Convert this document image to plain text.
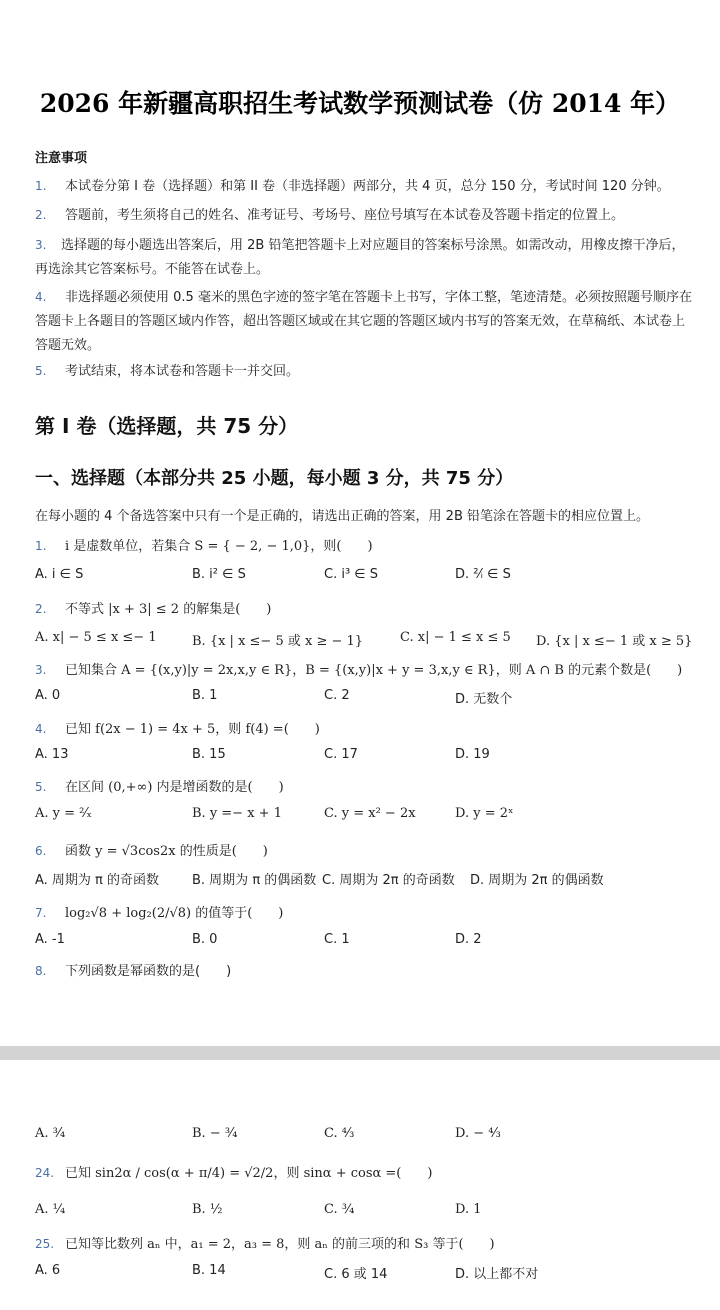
2026 年新疆高职招生考试数学预测试卷（仿 2014 年）
注意事项
1. 本试卷分第 I 卷（选择题）和第 II 卷（非选择题）两部分，共 4 页，总分 150 分，考试时间 120 分钟。
2. 答题前，考生须将自己的姓名、准考证号、考场号、座位号填写在本试卷及答题卡指定的位置上。
3. 选择题的每小题选出答案后，用 2B 铅笔把答题卡上对应题目的答案标号涂黑。如需改动，用橡皮擦干净后，再选涂其它答案标号。不能答在试卷上。
4. 非选择题必须使用 0.5 毫米的黑色字迹的签字笔在答题卡上书写，字体工整，笔迹清楚。必须按照题号顺序在答题卡上各题目的答题区域内作答，超出答题区域或在其它题的答题区域内书写的答案无效，在草稿纸、本试卷上答题无效。
5. 考试结束，将本试卷和答题卡一并交回。
第 I 卷（选择题，共 75 分）
一、选择题（本部分共 25 小题，每小题 3 分，共 75 分）
在每小题的 4 个备选答案中只有一个是正确的，请选出正确的答案，用 2B 铅笔涂在答题卡的相应位置上。
1. i 是虚数单位，若集合 S = { − 2, − 1,0}，则(　　)
A. i ∈ S	B. i² ∈ S	C. i³ ∈ S	D. ²⁄ᵢ ∈ S
2. 不等式 |x + 3| ≤ 2 的解集是(　　)
A. x| − 5 ≤ x ≤− 1	B. {x | x ≤− 5 或 x ≥ − 1}	C. x| − 1 ≤ x ≤ 5 D. {x | x ≤− 1 或 x ≥ 5}
3. 已知集合 A = {(x,y)|y = 2x,x,y ∈ R}，B = {(x,y)|x + y = 3,x,y ∈ R}，则 A ∩ B 的元素个数是(　　)
A. 0	B. 1	C. 2	D. 无数个
4. 已知 f(2x − 1) = 4x + 5，则 f(4) =(　　)
A. 13	B. 15	C. 17	D. 19
5. 在区间 (0,+∞) 内是增函数的是(　　)
A. y = ²⁄ₓ	B. y =− x + 1	C. y = x² − 2x	D. y = 2ˣ
6. 函数 y = √3cos2x 的性质是(　　)
A. 周期为 π 的奇函数	B. 周期为 π 的偶函数 C. 周期为 2π 的奇函数 D. 周期为 2π 的偶函数
7. log₂√8 + log₂(2/√8) 的值等于(　　)
A. -1	B. 0	C. 1	D. 2
8. 下列函数是幂函数的是(　　)
A. ³⁄₄	B. − ³⁄₄	C. ⁴⁄₃	D. − ⁴⁄₃
24. 已知 sin2α / cos(α + π/4) = √2/2，则 sinα + cosα =(　　)
A. ¼	B. ½	C. ¾	D. 1
25. 已知等比数列 aₙ 中，a₁ = 2，a₃ = 8，则 aₙ 的前三项的和 S₃ 等于(　　)
A. 6	B. 14	C. 6 或 14	D. 以上都不对
